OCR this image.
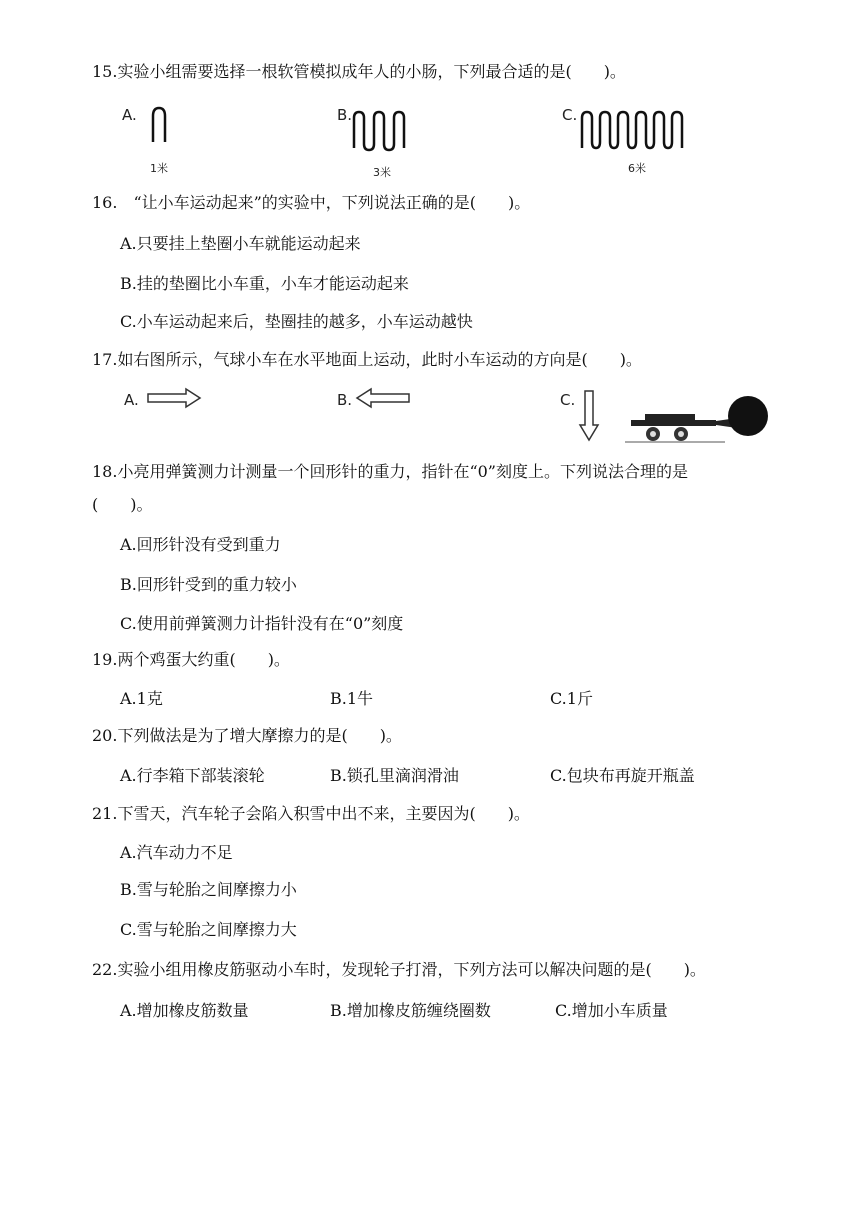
15.实验小组需要选择一根软管模拟成年人的小肠，下列最合适的是(　　)。
A.
1米
B.
3米
C.
6米
16.　“让小车运动起来”的实验中，下列说法正确的是(　　)。
A.只要挂上垫圈小车就能运动起来
B.挂的垫圈比小车重，小车才能运动起来
C.小车运动起来后，垫圈挂的越多，小车运动越快
17.如右图所示，气球小车在水平地面上运动，此时小车运动的方向是(　　)。
A.	B.	C.
18.小亮用弹簧测力计测量一个回形针的重力，指针在“0”刻度上。下列说法合理的是
(　　)。
A.回形针没有受到重力
B.回形针受到的重力较小
C.使用前弹簧测力计指针没有在“0”刻度
19.两个鸡蛋大约重(　　)。
A.1克	B.1牛	C.1斤
20.下列做法是为了增大摩擦力的是(　　)。
A.行李箱下部装滚轮	B.锁孔里滴润滑油	C.包块布再旋开瓶盖
21.下雪天，汽车轮子会陷入积雪中出不来，主要因为(　　)。
A.汽车动力不足
B.雪与轮胎之间摩擦力小
C.雪与轮胎之间摩擦力大
22.实验小组用橡皮筋驱动小车时，发现轮子打滑，下列方法可以解决问题的是(　　)。
A.增加橡皮筋数量	B.增加橡皮筋缠绕圈数	C.增加小车质量
